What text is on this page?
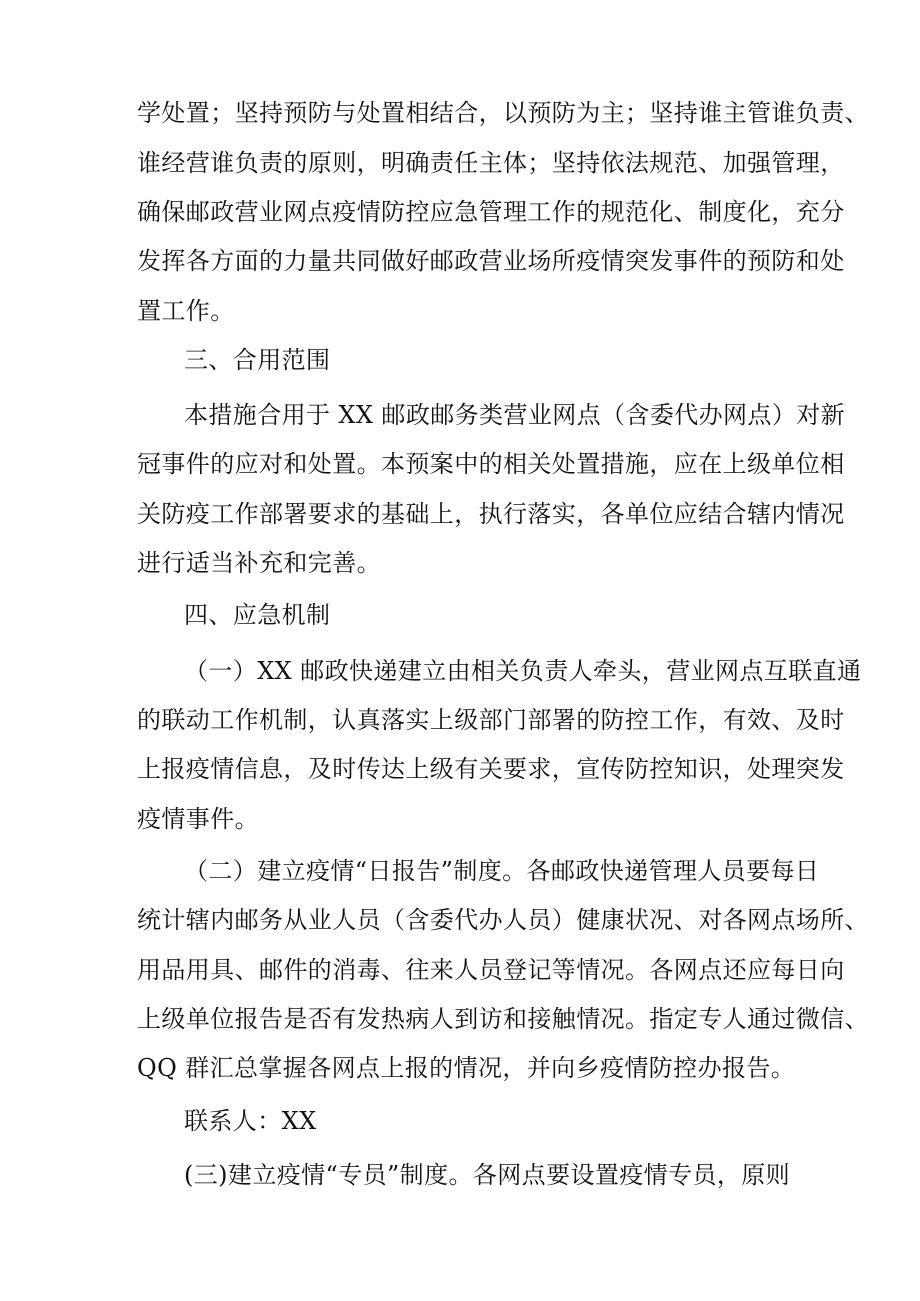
学处置；坚持预防与处置相结合，以预防为主；坚持谁主管谁负责、
谁经营谁负责的原则，明确责任主体；坚持依法规范、加强管理，
确保邮政营业网点疫情防控应急管理工作的规范化、制度化，充分
发挥各方面的力量共同做好邮政营业场所疫情突发事件的预防和处
置工作。
三、合用范围
本措施合用于 XX 邮政邮务类营业网点（含委代办网点）对新
冠事件的应对和处置。本预案中的相关处置措施，应在上级单位相
关防疫工作部署要求的基础上，执行落实，各单位应结合辖内情况
进行适当补充和完善。
四、应急机制
（一）XX 邮政快递建立由相关负责人牵头，营业网点互联直通
的联动工作机制，认真落实上级部门部署的防控工作，有效、及时
上报疫情信息，及时传达上级有关要求，宣传防控知识，处理突发
疫情事件。
（二）建立疫情“日报告”制度。各邮政快递管理人员要每日
统计辖内邮务从业人员（含委代办人员）健康状况、对各网点场所、
用品用具、邮件的消毒、往来人员登记等情况。各网点还应每日向
上级单位报告是否有发热病人到访和接触情况。指定专人通过微信、
QQ 群汇总掌握各网点上报的情况，并向乡疫情防控办报告。
联系人：XX
(三)建立疫情“专员”制度。各网点要设置疫情专员，原则
